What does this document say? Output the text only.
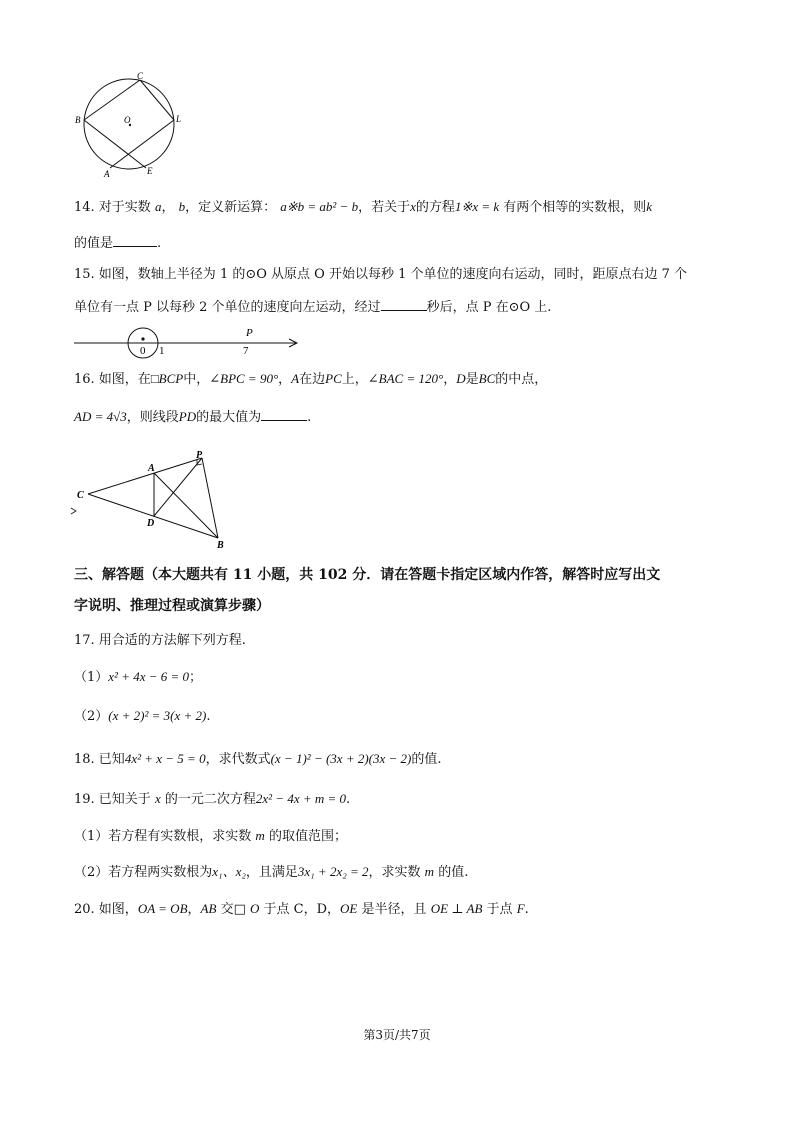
C
B	O	L
A	E
14. 对于实数 a， b，定义新运算： a※b = ab² − b，若关于x的方程1※x = k 有两个相等的实数根，则k
的值是	.
15. 如图，数轴上半径为 1 的⊙O 从原点 O 开始以每秒 1 个单位的速度向右运动，同时，距原点右边 7 个
单位有一点 P 以每秒 2 个单位的速度向左运动，经过	秒后，点 P 在⊙O 上.
0 1
P
7
16. 如图，在□BCP中，∠BPC = 90°，A在边PC上，∠BAC = 120°，D是BC的中点，
AD = 4√3，则线段PD的最大值为	.
A
P
C
D
B
三、解答题（本大题共有 11 小题，共 102 分．请在答题卡指定区域内作答，解答时应写出文
字说明、推理过程或演算步骤）
17. 用合适的方法解下列方程.
（1）x² + 4x − 6 = 0；
（2）(x + 2)² = 3(x + 2).
18. 已知4x² + x − 5 = 0，求代数式(x − 1)² − (3x + 2)(3x − 2)的值.
19. 已知关于 x 的一元二次方程2x² − 4x + m = 0.
（1）若方程有实数根，求实数 m 的取值范围；
（2）若方程两实数根为x₁、x₂，且满足3x₁ + 2x₂ = 2，求实数 m 的值.
20. 如图，OA = OB，AB 交□ O 于点 C，D，OE 是半径，且 OE ⊥ AB 于点 F.
第3页/共7页
